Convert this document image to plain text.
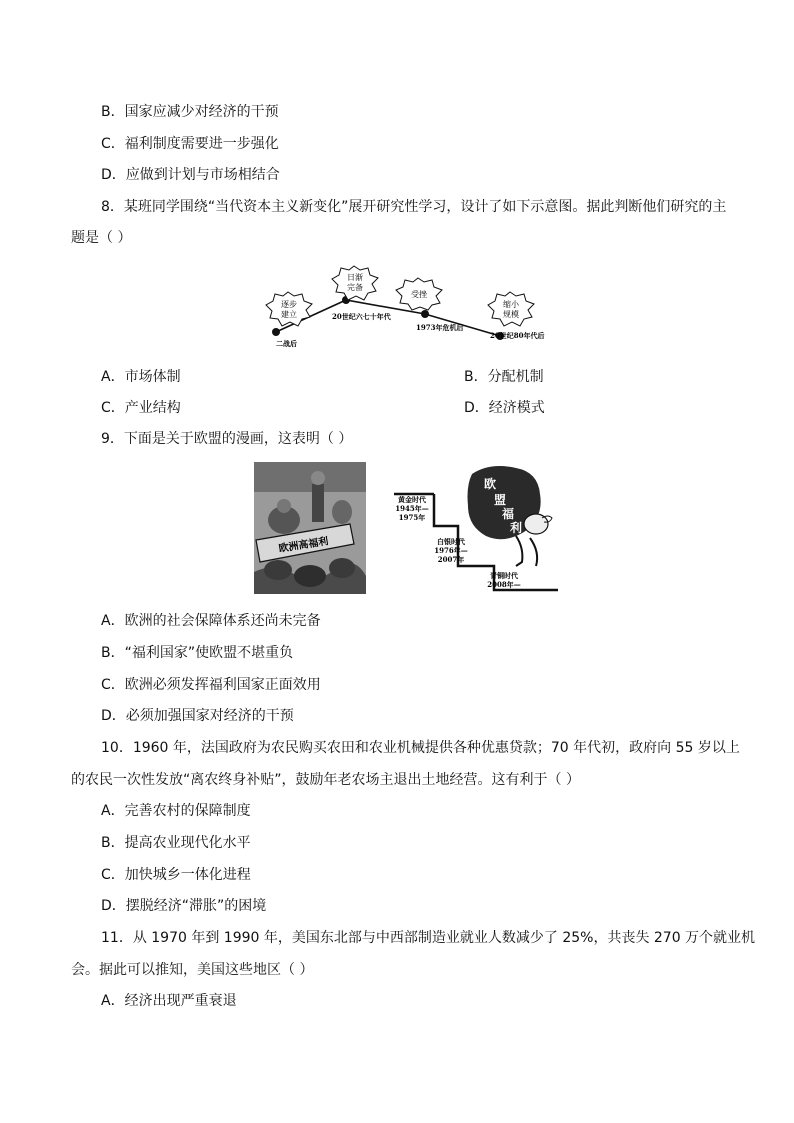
B．国家应减少对经济的干预
C．福利制度需要进一步强化
D．应做到计划与市场相结合
8．某班同学围绕“当代资本主义新变化”展开研究性学习，设计了如下示意图。据此判断他们研究的主
题是（ ）
逐步
建立
日渐
完备
受挫
缩小
规模
二战后
20世纪六七十年代
1973年危机后
20世纪80年代后
A．市场体制	B．分配机制
C．产业结构	D．经济模式
9．下面是关于欧盟的漫画，这表明（ ）
欧洲高福利
黄金时代
1945年—
1975年
白银时代
1976年—
2007年
青铜时代
2008年—
欧
盟
福
利
A．欧洲的社会保障体系还尚未完备
B．“福利国家”使欧盟不堪重负
C．欧洲必须发挥福利国家正面效用
D．必须加强国家对经济的干预
10．1960 年，法国政府为农民购买农田和农业机械提供各种优惠贷款；70 年代初，政府向 55 岁以上
的农民一次性发放“离农终身补贴”，鼓励年老农场主退出土地经营。这有利于（ ）
A．完善农村的保障制度
B．提高农业现代化水平
C．加快城乡一体化进程
D．摆脱经济“滞胀”的困境
11．从 1970 年到 1990 年，美国东北部与中西部制造业就业人数减少了 25%，共丧失 270 万个就业机
会。据此可以推知，美国这些地区（ ）
A．经济出现严重衰退
